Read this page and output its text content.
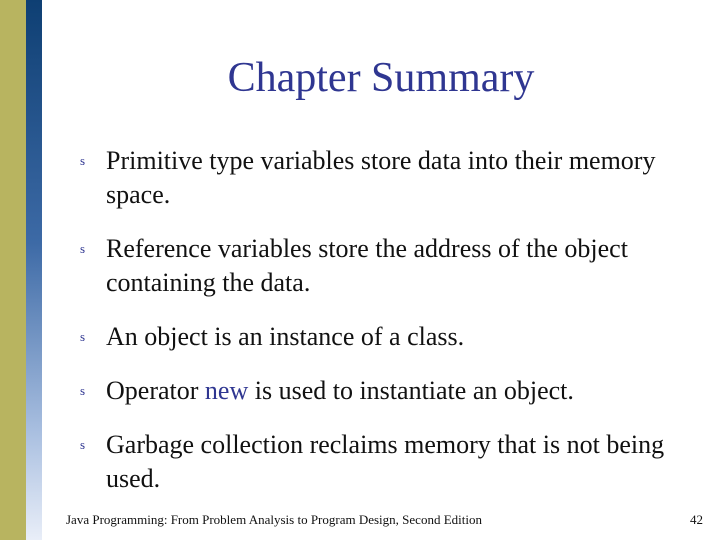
Chapter Summary
s Primitive type variables store data into their memory space.
s Reference variables store the address of the object containing the data.
s An object is an instance of a class.
s Operator new is used to instantiate an object.
s Garbage collection reclaims memory that is not being used.
Java Programming: From Problem Analysis to Program Design, Second Edition	42
